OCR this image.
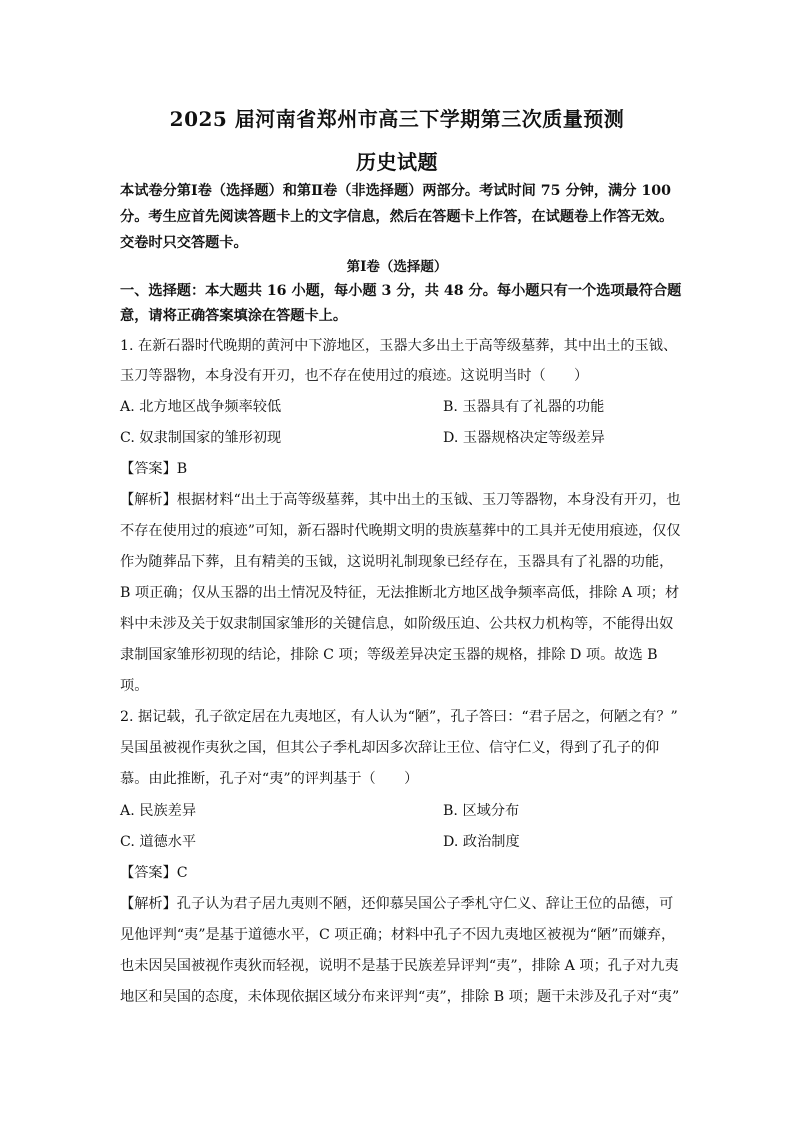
2025 届河南省郑州市高三下学期第三次质量预测
历史试题
本试卷分第Ⅰ卷（选择题）和第Ⅱ卷（非选择题）两部分。考试时间 75 分钟，满分 100
分。考生应首先阅读答题卡上的文字信息，然后在答题卡上作答，在试题卷上作答无效。
交卷时只交答题卡。
第Ⅰ卷（选择题）
一、选择题：本大题共 16 小题，每小题 3 分，共 48 分。每小题只有一个选项最符合题
意，请将正确答案填涂在答题卡上。
1. 在新石器时代晚期的黄河中下游地区，玉器大多出土于高等级墓葬，其中出土的玉钺、
玉刀等器物，本身没有开刃，也不存在使用过的痕迹。这说明当时（　　）
A. 北方地区战争频率较低	B. 玉器具有了礼器的功能
C. 奴隶制国家的雏形初现	D. 玉器规格决定等级差异
【答案】B
【解析】根据材料“出土于高等级墓葬，其中出土的玉钺、玉刀等器物，本身没有开刃，也
不存在使用过的痕迹”可知，新石器时代晚期文明的贵族墓葬中的工具并无使用痕迹，仅仅
作为随葬品下葬，且有精美的玉钺，这说明礼制现象已经存在，玉器具有了礼器的功能，
B 项正确；仅从玉器的出土情况及特征，无法推断北方地区战争频率高低，排除 A 项；材
料中未涉及关于奴隶制国家雏形的关键信息，如阶级压迫、公共权力机构等，不能得出奴
隶制国家雏形初现的结论，排除 C 项；等级差异决定玉器的规格，排除 D 项。故选 B
项。
2. 据记载，孔子欲定居在九夷地区，有人认为“陋”，孔子答曰：“君子居之，何陋之有？”
吴国虽被视作夷狄之国，但其公子季札却因多次辞让王位、信守仁义，得到了孔子的仰
慕。由此推断，孔子对“夷”的评判基于（　　）
A. 民族差异	B. 区域分布
C. 道德水平	D. 政治制度
【答案】C
【解析】孔子认为君子居九夷则不陋，还仰慕吴国公子季札守仁义、辞让王位的品德，可
见他评判“夷”是基于道德水平，C 项正确；材料中孔子不因九夷地区被视为“陋”而嫌弃，
也未因吴国被视作夷狄而轻视，说明不是基于民族差异评判“夷”，排除 A 项；孔子对九夷
地区和吴国的态度，未体现依据区域分布来评判“夷”，排除 B 项；题干未涉及孔子对“夷”
